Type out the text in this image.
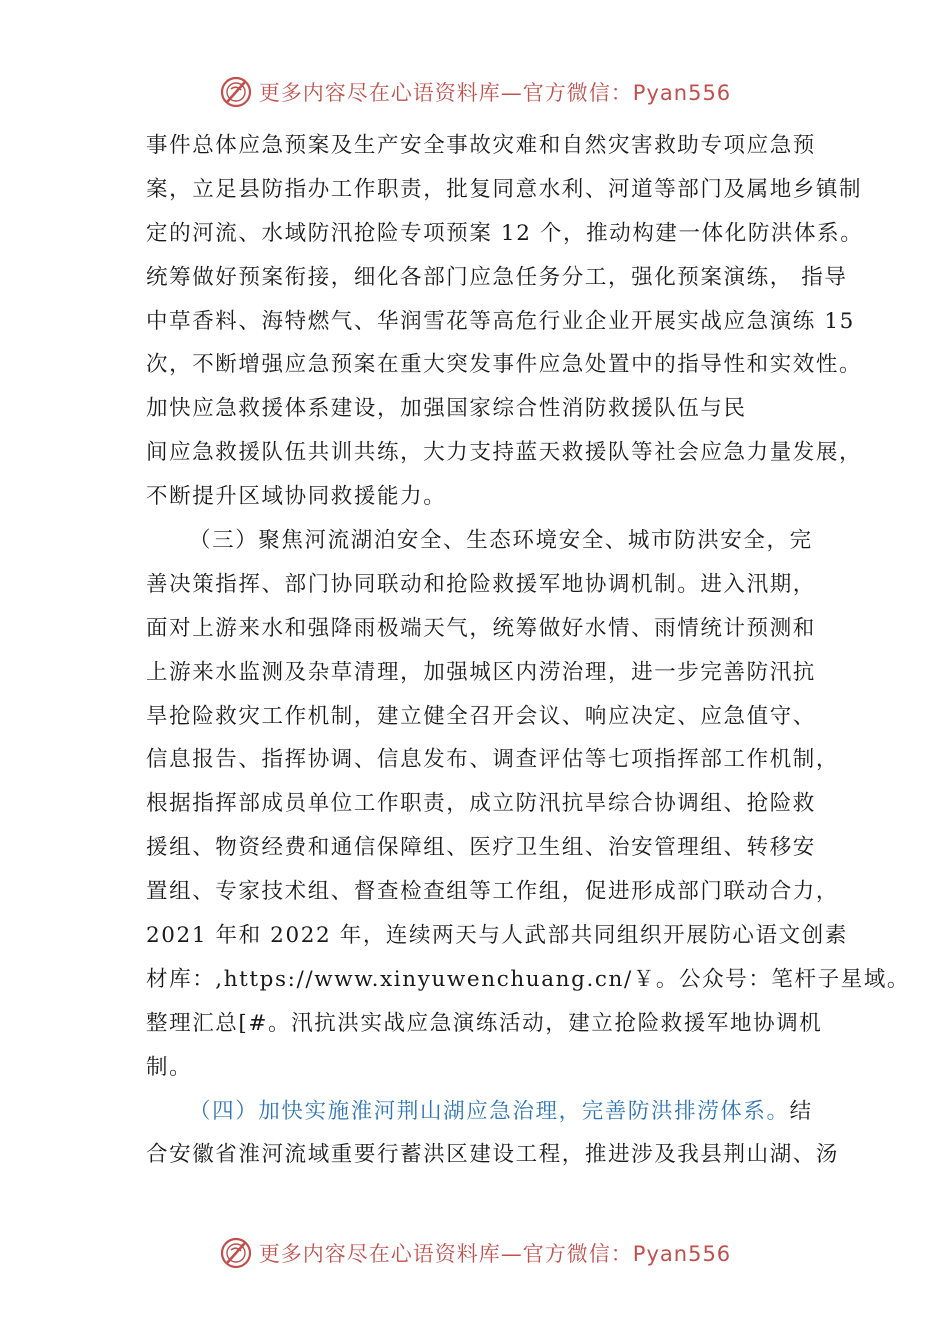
更多内容尽在心语资料库—官方微信：Pyan556
事件总体应急预案及生产安全事故灾难和自然灾害救助专项应急预
案，立足县防指办工作职责，批复同意水利、河道等部门及属地乡镇制
定的河流、水域防汛抢险专项预案 12 个，推动构建一体化防洪体系。
统筹做好预案衔接，细化各部门应急任务分工，强化预案演练， 指导
中草香料、海特燃气、华润雪花等高危行业企业开展实战应急演练 15
次，不断增强应急预案在重大突发事件应急处置中的指导性和实效性。
加快应急救援体系建设，加强国家综合性消防救援队伍与民
间应急救援队伍共训共练，大力支持蓝天救援队等社会应急力量发展，
不断提升区域协同救援能力。
（三）聚焦河流湖泊安全、生态环境安全、城市防洪安全，完
善决策指挥、部门协同联动和抢险救援军地协调机制。进入汛期，
面对上游来水和强降雨极端天气，统筹做好水情、雨情统计预测和
上游来水监测及杂草清理，加强城区内涝治理，进一步完善防汛抗
旱抢险救灾工作机制，建立健全召开会议、响应决定、应急值守、
信息报告、指挥协调、信息发布、调查评估等七项指挥部工作机制，
根据指挥部成员单位工作职责，成立防汛抗旱综合协调组、抢险救
援组、物资经费和通信保障组、医疗卫生组、治安管理组、转移安
置组、专家技术组、督查检查组等工作组，促进形成部门联动合力，
2021 年和 2022 年，连续两天与人武部共同组织开展防心语文创素
材库：,https://www.xinyuwenchuang.cn/￥。公众号：笔杆子星域。
整理汇总[#。汛抗洪实战应急演练活动，建立抢险救援军地协调机
制。
（四）加快实施淮河荆山湖应急治理，完善防洪排涝体系。结
合安徽省淮河流域重要行蓄洪区建设工程，推进涉及我县荆山湖、汤
更多内容尽在心语资料库—官方微信：Pyan556
